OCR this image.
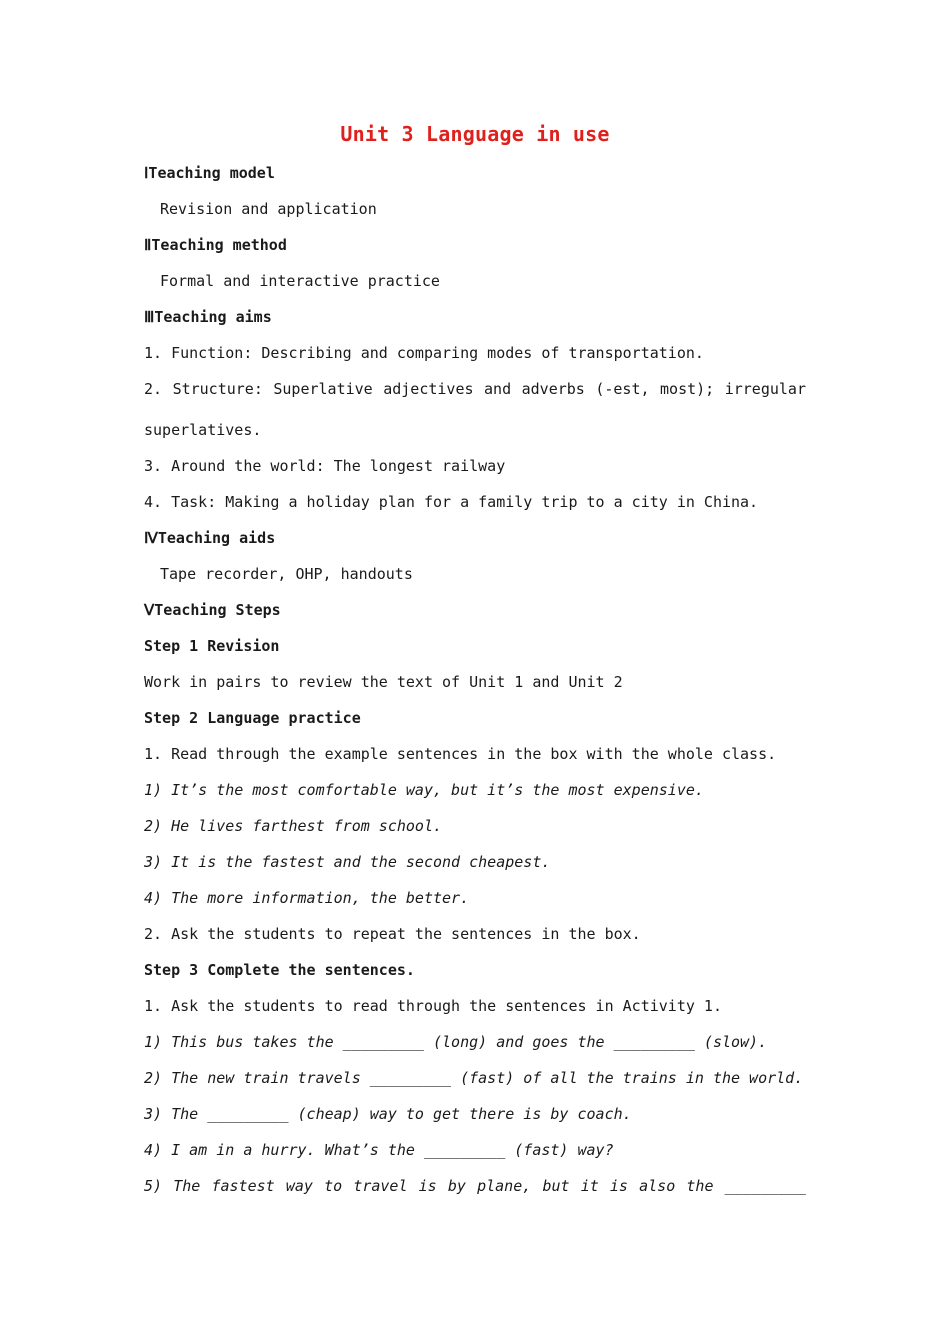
Unit 3 Language in use
ⅠTeaching model
Revision and application
ⅡTeaching method
Formal and interactive practice
ⅢTeaching aims
1. Function: Describing and comparing modes of transportation.
2. Structure: Superlative adjectives and adverbs (-est, most); irregular
superlatives.
3. Around the world: The longest railway
4. Task: Making a holiday plan for a family trip to a city in China.
ⅣTeaching aids
Tape recorder, OHP, handouts
ⅤTeaching Steps
Step 1 Revision
Work in pairs to review the text of Unit 1 and Unit 2
Step 2 Language practice
1. Read through the example sentences in the box with the whole class.
1) It’s the most comfortable way, but it’s the most expensive.
2) He lives farthest from school.
3) It is the fastest and the second cheapest.
4) The more information, the better.
2. Ask the students to repeat the sentences in the box.
Step 3 Complete the sentences.
1. Ask the students to read through the sentences in Activity 1.
1) This bus takes the _________ (long) and goes the _________ (slow).
2) The new train travels _________ (fast) of all the trains in the world.
3) The _________ (cheap) way to get there is by coach.
4) I am in a hurry. What’s the _________ (fast) way?
5) The fastest way to travel is by plane, but it is also the _________
